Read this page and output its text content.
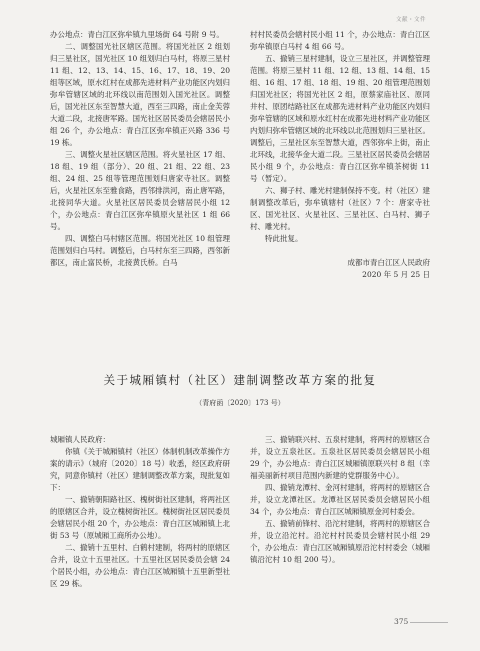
文献・文件

办公地点：青白江区弥牟镇九里场街 64 号附 9 号。

二、调整国光社区辖区范围。将国光社区 2 组划归三星社区，国光社区 10 组划归白马村，将原三星村 11 组、12、13、14、15、16、17、18、19、20 组等区域，原水红村在成都先进材料产业功能区内划归弥牟管辖区域的北环线以南范围划入国光社区。调整后，国光社区东至智慧大道，西至三四路，南止金芙蓉大道二段，北接唐军路。国光社区居民委员会辖居民小组 26 个，办公地点：青白江区弥牟镇正兴路 336 号 19 栋。

三、调整火星社区辖区范围。将火星社区 17 组、18 组、19 组（部分）、20 组、21 组、22 组、23 组、24 组、25 组等管理范围划归唐家寺社区。调整后，火星社区东至雅食路，西邻排洪河，南止唐军路，北接同华大道。火星社区居民委员会辖居民小组 12 个，办公地点：青白江区弥牟镇原火星社区 1 组 66 号。

四、调整白马村辖区范围。将国光社区 10 组管理范围划归白马村。调整后，白马村东至三四路，西邻新都区，南止富民桥，北接黄氏桥。白马

村村民委员会辖村民小组 11 个，办公地点：青白江区弥牟镇原白马村 4 组 66 号。

五、撤销三星村建制，设立三星社区，并调整管理范围。将原三星村 11 组、12 组、13 组、14 组、15 组、16 组、17 组、18 组、19 组、20 组管理范围划归国光社区；将国光社区 2 组，原蔡家庙社区、原同井村、原团结路社区在成都先进材料产业功能区内划归弥牟管辖的区域和原水红村在成都先进材料产业功能区内划归弥牟管辖区域的北环线以北范围划归三星社区。调整后，三星社区东至智慧大道，西邻弥牟上街，南止北环线，北接华金大道二段。三星社区居民委员会辖居民小组 9 个，办公地点：青白江区弥牟镇茶树街 11 号（暂定）。

六、狮子村、雕光村建制保持不变。村（社区）建制调整改革后，弥牟镇辖村（社区）7 个：唐家寺社区、国光社区、火星社区、三星社区、白马村、狮子村、雕光村。

特此批复。

成都市青白江区人民政府

2020 年 5 月 25 日

关于城厢镇村（社区）建制调整改革方案的批复
（青府函〔2020〕173 号）

城厢镇人民政府：

你镇《关于城厢镇村（社区）体制机制改革操作方案的请示》（城府〔2020〕18 号）收悉，经区政府研究，同意你镇村（社区）建制调整改革方案，现批复如下：

一、撤销朝阳路社区、槐树街社区建制，将两社区的原辖区合并，设立槐树街社区。槐树街社区居民委员会辖居民小组 20 个，办公地点：青白江区城厢镇上北街 53 号（原城厢工商所办公地）。

二、撤销十五里村、白鹤村建制，将两村的原辖区合并，设立十五里社区。十五里社区居民委员会辖 24 个居民小组，办公地点：青白江区城厢镇十五里新型社区 29 栋。

三、撤销联兴村、五泉村建制，将两村的原辖区合并，设立五泉社区。五泉社区居民委员会辖居民小组 29 个，办公地点：青白江区城厢镇原联兴村 8 组（幸福美丽新村项目范围内新建的党群服务中心）。

四、撤销龙潭村、金河村建制，将两村的原辖区合并，设立龙潭社区。龙潭社区居民委员会辖居民小组 34 个，办公地点：青白江区城厢镇原金河村委会。

五、撤销前锋村、沿沱村建制，将两村的原辖区合并，设立沿沱村。沿沱村村民委员会辖村民小组 29 个，办公地点：青白江区城厢镇原沿沱村村委会（城厢镇沿沱村 10 组 200 号）。

375
